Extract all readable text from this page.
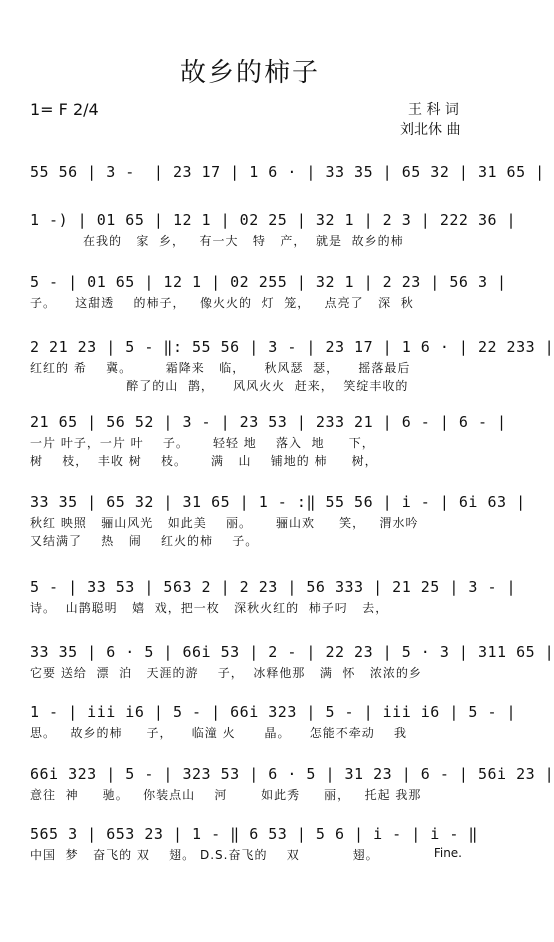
故乡的柿子
1= F 2/4	王 科 词
刘北休 曲
55 56 | 3 -  | 23 17 | 1 6 · | 33 35 | 65 32 | 31 65 |
1 -) | 01 65 | 12 1 | 02 25 | 32 1 | 2 3 | 222 36 |
在我的   家  乡，   有一大   特   产，  就是  故乡的柿
5 - | 01 65 | 12 1 | 02 255 | 32 1 | 2 23 | 56 3 |
子。    这甜透    的柿子，   像火火的  灯  笼，   点亮了   深  秋
2 21 23 | 5 - ‖: 55 56 | 3 - | 23 17 | 1 6 · | 22 233 |
红红的 希    冀。       霜降来   临，    秋风瑟  瑟，    摇落最后
醉了的山  鹊，    风风火火  赶来，  笑绽丰收的
21 65 | 56 52 | 3 - | 23 53 | 233 21 | 6 - | 6 - |
一片 叶子，一片 叶    子。     轻轻 地    落入  地     下，
树    枝，  丰收 树    枝。     满   山    铺地的 柿     树，
33 35 | 65 32 | 31 65 | 1 - :‖ 55 56 | i - | 6i 63 |
秋红 映照   骊山风光   如此美    丽。     骊山欢     笑，   渭水吟
又结满了    热   闹    红火的柿    子。
5 - | 33 53 | 563 2 | 2 23 | 56 333 | 21 25 | 3 - |
诗。  山鹊聪明   嬉  戏，把一枚   深秋火红的  柿子叼   去，
33 35 | 6 · 5 | 66i 53 | 2 - | 22 23 | 5 · 3 | 311 65 |
它要 送给  漂  泊   天涯的游    子，  冰释他那   满  怀   浓浓的乡
1 - | iii i6 | 5 - | 66i 323 | 5 - | iii i6 | 5 - |
思。   故乡的柿     子，    临潼 火      晶。    怎能不牵动    我
66i 323 | 5 - | 323 53 | 6 · 5 | 31 23 | 6 - | 56i 23 |
意往  神     驰。   你装点山    河       如此秀     丽，   托起 我那
565 3 | 653 23 | 1 - ‖ 6 53 | 5 6 | i - | i - ‖
中国  梦   奋飞的 双    翅。 D.S.奋飞的    双           翅。	Fine.
